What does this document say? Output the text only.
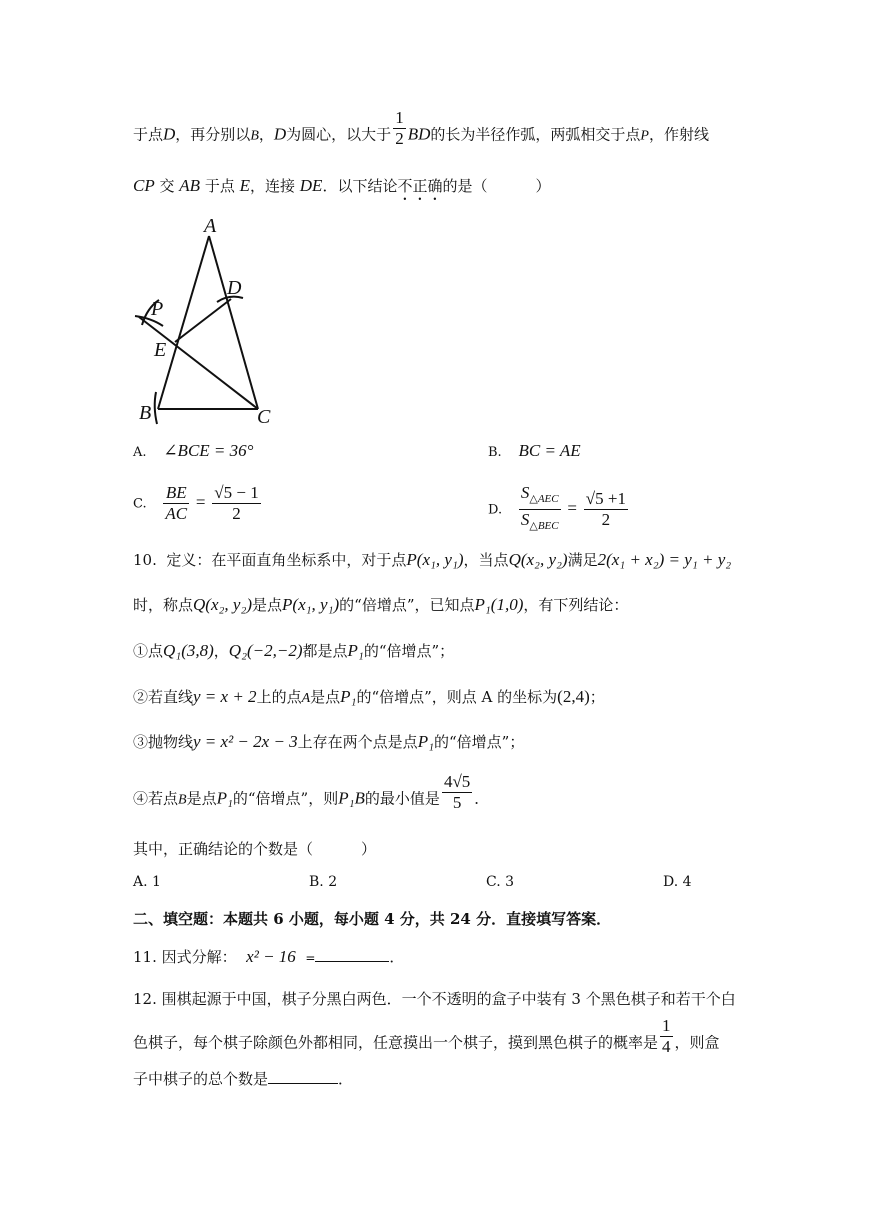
于点D，再分别以B，D为圆心，以大于 $\frac{1}{2}$ BD的长为半径作弧，两弧相交于点P，作射线
CP 交 AB 于点 E，连接 DE．以下结论不正确的是（	）
A
D
P
E
B	C
A. ∠BCE = 36°	B. BC = AE
C. $\frac{BE}{AC} = \frac{√5 - 1}{2}$	D. $\frac{S_{\triangle AEC}}{S_{\triangle BEC}} = \frac{√5 +1}{2}$
10. 定义：在平面直角坐标系中，对于点P(x₁, y₁)，当点Q(x₂, y₂)满足2(x₁ + x₂) = y₁ + y₂
时，称点Q(x₂, y₂)是点P(x₁, y₁)的“倍增点”，已知点P₁(1,0)，有下列结论：
①点Q₁(3,8)，Q₂(−2,−2)都是点P₁的“倍增点”；
②若直线y = x + 2上的点A是点P₁的“倍增点”，则点 A 的坐标为(2,4)；
③抛物线y = x² − 2x − 3上存在两个点是点P₁的“倍增点”；
④若点B是点P₁的“倍增点”，则P₁B的最小值是 $\frac{4√5}{5}$ ．
其中，正确结论的个数是（	）
A. 1	B. 2	C. 3	D. 4
二、填空题：本题共 6 小题，每小题 4 分，共 24 分．直接填写答案．
11. 因式分解： x² − 16 =	．
12. 围棋起源于中国，棋子分黑白两色．一个不透明的盒子中装有 3 个黑色棋子和若干个白
色棋子，每个棋子除颜色外都相同，任意摸出一个棋子，摸到黑色棋子的概率是 $\frac{1}{4}$ ，则盒
子中棋子的总个数是	．
